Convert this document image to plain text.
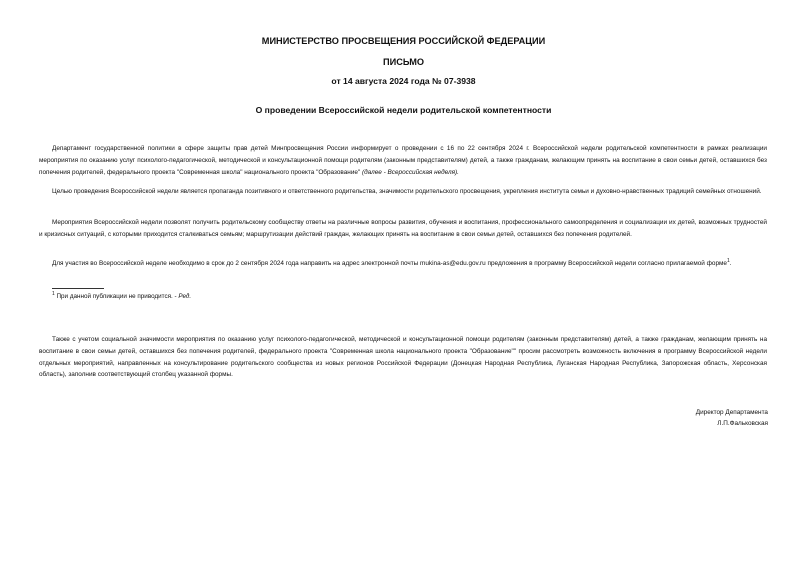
МИНИСТЕРСТВО ПРОСВЕЩЕНИЯ РОССИЙСКОЙ ФЕДЕРАЦИИ
ПИСЬМО
от 14 августа 2024 года № 07-3938
О проведении Всероссийской недели родительской компетентности

Департамент государственной политики в сфере защиты прав детей Минпросвещения России информирует о проведении с 16 по 22 сентября 2024 г. Всероссийской недели родительской компетентности в рамках реализации мероприятия по оказанию услуг психолого-педагогической, методической и консультационной помощи родителям (законным представителям) детей, а также гражданам, желающим принять на воспитание в свои семьи детей, оставшихся без попечения родителей, федерального проекта "Современная школа" национального проекта "Образование" (далее - Всероссийская неделя).

Целью проведения Всероссийской недели является пропаганда позитивного и ответственного родительства, значимости родительского просвещения, укрепления института семьи и духовно-нравственных традиций семейных отношений.

Мероприятия Всероссийской недели позволят получить родительскому сообществу ответы на различные вопросы развития, обучения и воспитания, профессионального самоопределения и социализации их детей, возможных трудностей и кризисных ситуаций, с которыми приходится сталкиваться семьям; маршрутизации действий граждан, желающих принять на воспитание в свои семьи детей, оставшихся без попечения родителей.

Для участия во Всероссийской неделе необходимо в срок до 2 сентября 2024 года направить на адрес электронной почты mukina-as@edu.gov.ru предложения в программу Всероссийской недели согласно прилагаемой форме$^1$.

$^1$ При данной публикации не приводится. - Ред.

Также с учетом социальной значимости мероприятия по оказанию услуг психолого-педагогической, методической и консультационной помощи родителям (законным представителям) детей, а также гражданам, желающим принять на воспитание в свои семьи детей, оставшихся без попечения родителей, федерального проекта "Современная школа национального проекта "Образование"" просим рассмотреть возможность включения в программу Всероссийской недели отдельных мероприятий, направленных на консультирование родительского сообщества из новых регионов Российской Федерации (Донецкая Народная Республика, Луганская Народная Республика, Запорожская область, Херсонская область), заполнив соответствующий столбец указанной формы.

Директор Департамента
Л.П.Фальковская
